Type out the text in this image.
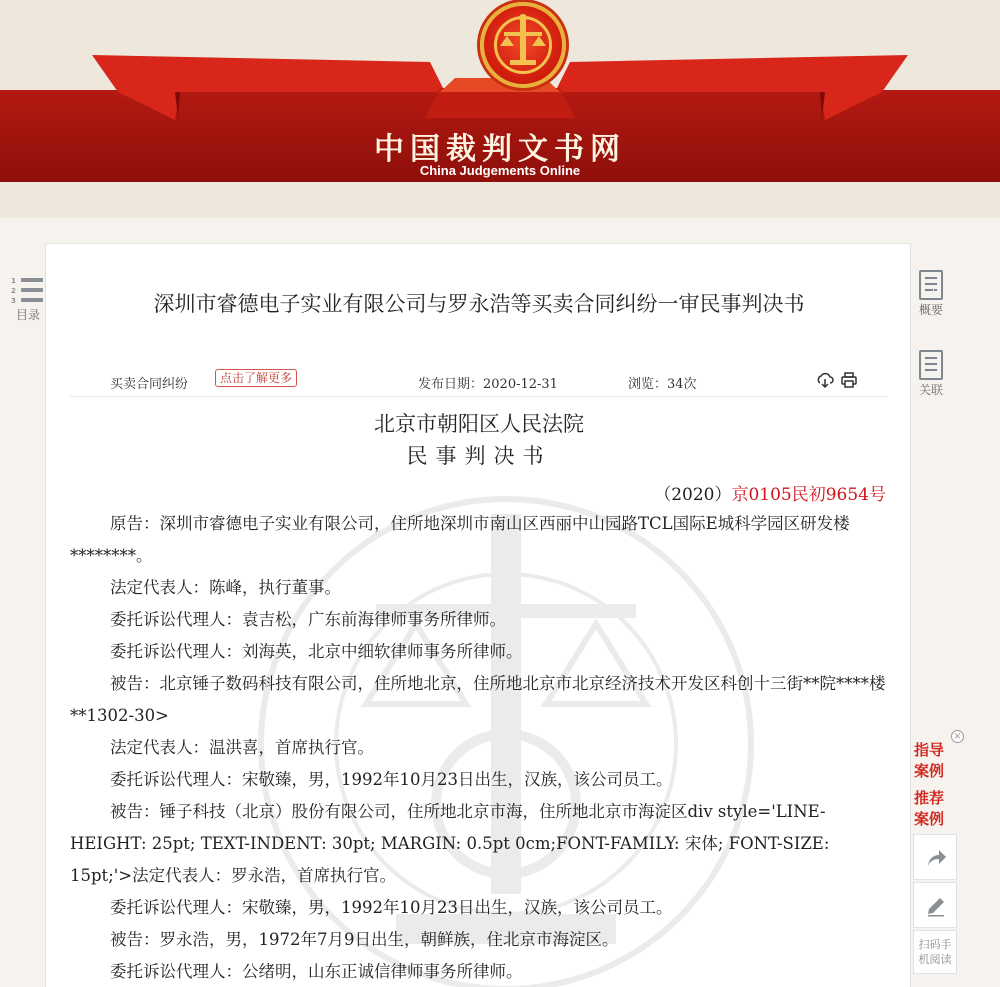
中国裁判文书网
China Judgements Online
1
2
3
目录	深圳市睿德电子实业有限公司与罗永浩等买卖合同纠纷一审民事判决书
买卖合同纠纷	点击了解更多	发布日期：2020-12-31	浏览：34次
北京市朝阳区人民法院
民事判决书
（2020）京0105民初9654号

原告：深圳市睿德电子实业有限公司，住所地深圳市南山区西丽中山园路TCL国际E城科学园区研发楼********。

法定代表人：陈峰，执行董事。

委托诉讼代理人：袁吉松，广东前海律师事务所律师。

委托诉讼代理人：刘海英，北京中细软律师事务所律师。

被告：北京锤子数码科技有限公司，住所地北京，住所地北京市北京经济技术开发区科创十三街**院****楼**1302-30>

法定代表人：温洪喜，首席执行官。

委托诉讼代理人：宋敬臻，男，1992年10月23日出生，汉族，该公司员工。

被告：锤子科技（北京）股份有限公司，住所地北京市海，住所地北京市海淀区div style='LINE-HEIGHT: 25pt; TEXT-INDENT: 30pt; MARGIN: 0.5pt 0cm;FONT-FAMILY: 宋体; FONT-SIZE: 15pt;'>法定代表人：罗永浩，首席执行官。

委托诉讼代理人：宋敬臻，男，1992年10月23日出生，汉族，该公司员工。

被告：罗永浩，男，1972年7月9日出生，朝鲜族，住北京市海淀区。

委托诉讼代理人：公绪明，山东正诚信律师事务所律师。

概要
关联
×
指导
案例
推荐
案例
扫码手
机阅读
